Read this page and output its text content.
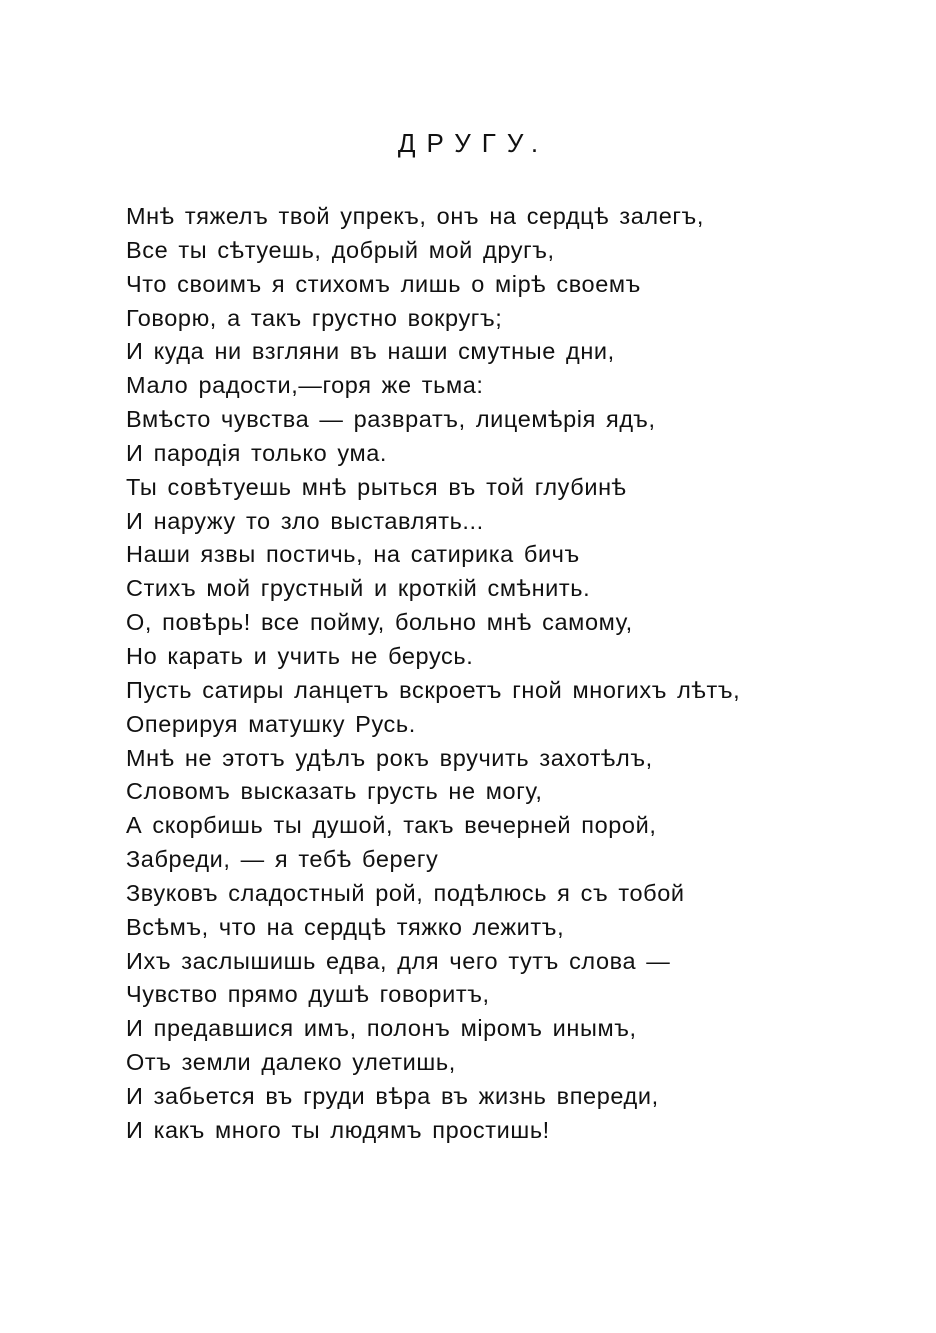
ДРУГУ.
Мнѣ тяжелъ твой упрекъ, онъ на сердцѣ залегъ,
Все ты сѣтуешь, добрый мой другъ,
Что своимъ я стихомъ лишь о мірѣ своемъ
Говорю, а такъ грустно вокругъ;
И куда ни взгляни въ наши смутные дни,
Мало радости,—горя же тьма:
Вмѣсто чувства — развратъ, лицемѣрія ядъ,
И пародія только ума.
Ты совѣтуешь мнѣ рыться въ той глубинѣ
И наружу то зло выставлять...
Наши язвы постичь, на сатирика бичъ
Стихъ мой грустный и кроткій смѣнить.
О, повѣрь! все пойму, больно мнѣ самому,
Но карать и учить не берусь.
Пусть сатиры ланцетъ вскроетъ гной многихъ лѣтъ,
Оперируя матушку Русь.
Мнѣ не этотъ удѣлъ рокъ вручить захотѣлъ,
Словомъ высказать грусть не могу,
А скорбишь ты душой, такъ вечерней порой,
Забреди, — я тебѣ берегу
Звуковъ сладостный рой, подѣлюсь я съ тобой
Всѣмъ, что на сердцѣ тяжко лежитъ,
Ихъ заслышишь едва, для чего тутъ слова —
Чувство прямо душѣ говоритъ,
И предавшися имъ, полонъ міромъ инымъ,
Отъ земли далеко улетишь,
И забьется въ груди вѣра въ жизнь впереди,
И какъ много ты людямъ простишь!
